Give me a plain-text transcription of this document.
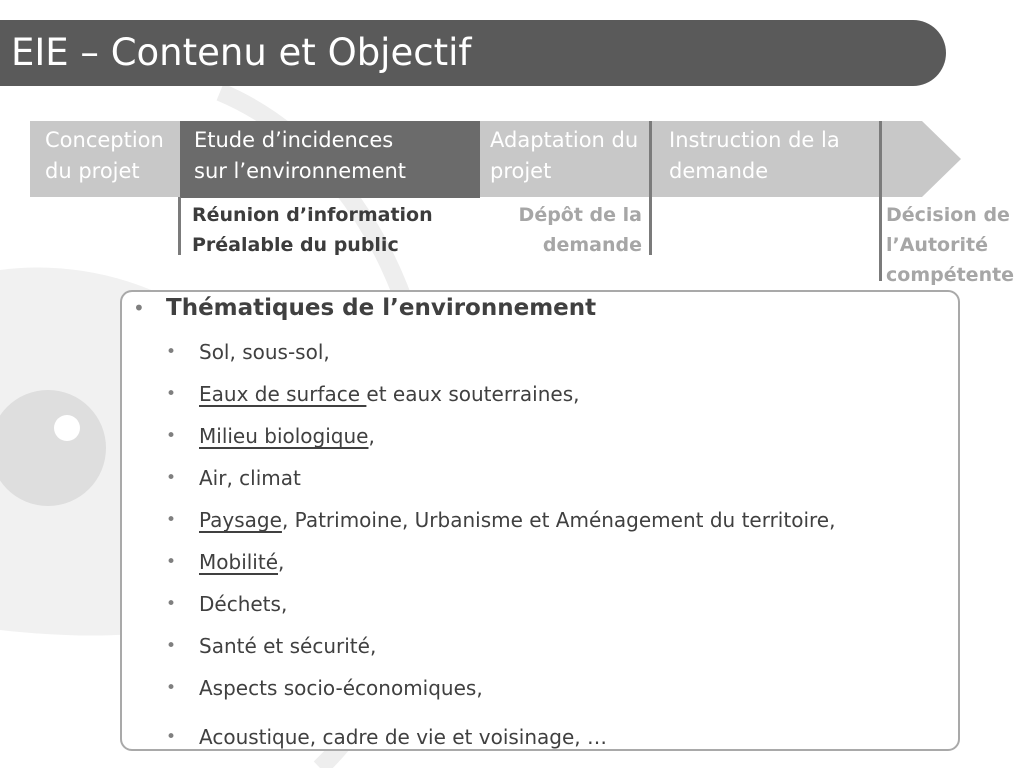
EIE – Contenu et Objectif
Conception
du projet
Etude d’incidences
sur l’environnement
Adaptation du
projet
Instruction de la
demande
Réunion d’information
Préalable du public
Dépôt de la
demande
Décision de
l’Autorité
compétente
• Thématiques de l’environnement
• Sol, sous-sol,
• Eaux de surface et eaux souterraines,
• Milieu biologique,
• Air, climat
• Paysage, Patrimoine, Urbanisme et Aménagement du territoire,
• Mobilité,
• Déchets,
• Santé et sécurité,
• Aspects socio-économiques,
• Acoustique, cadre de vie et voisinage, …
